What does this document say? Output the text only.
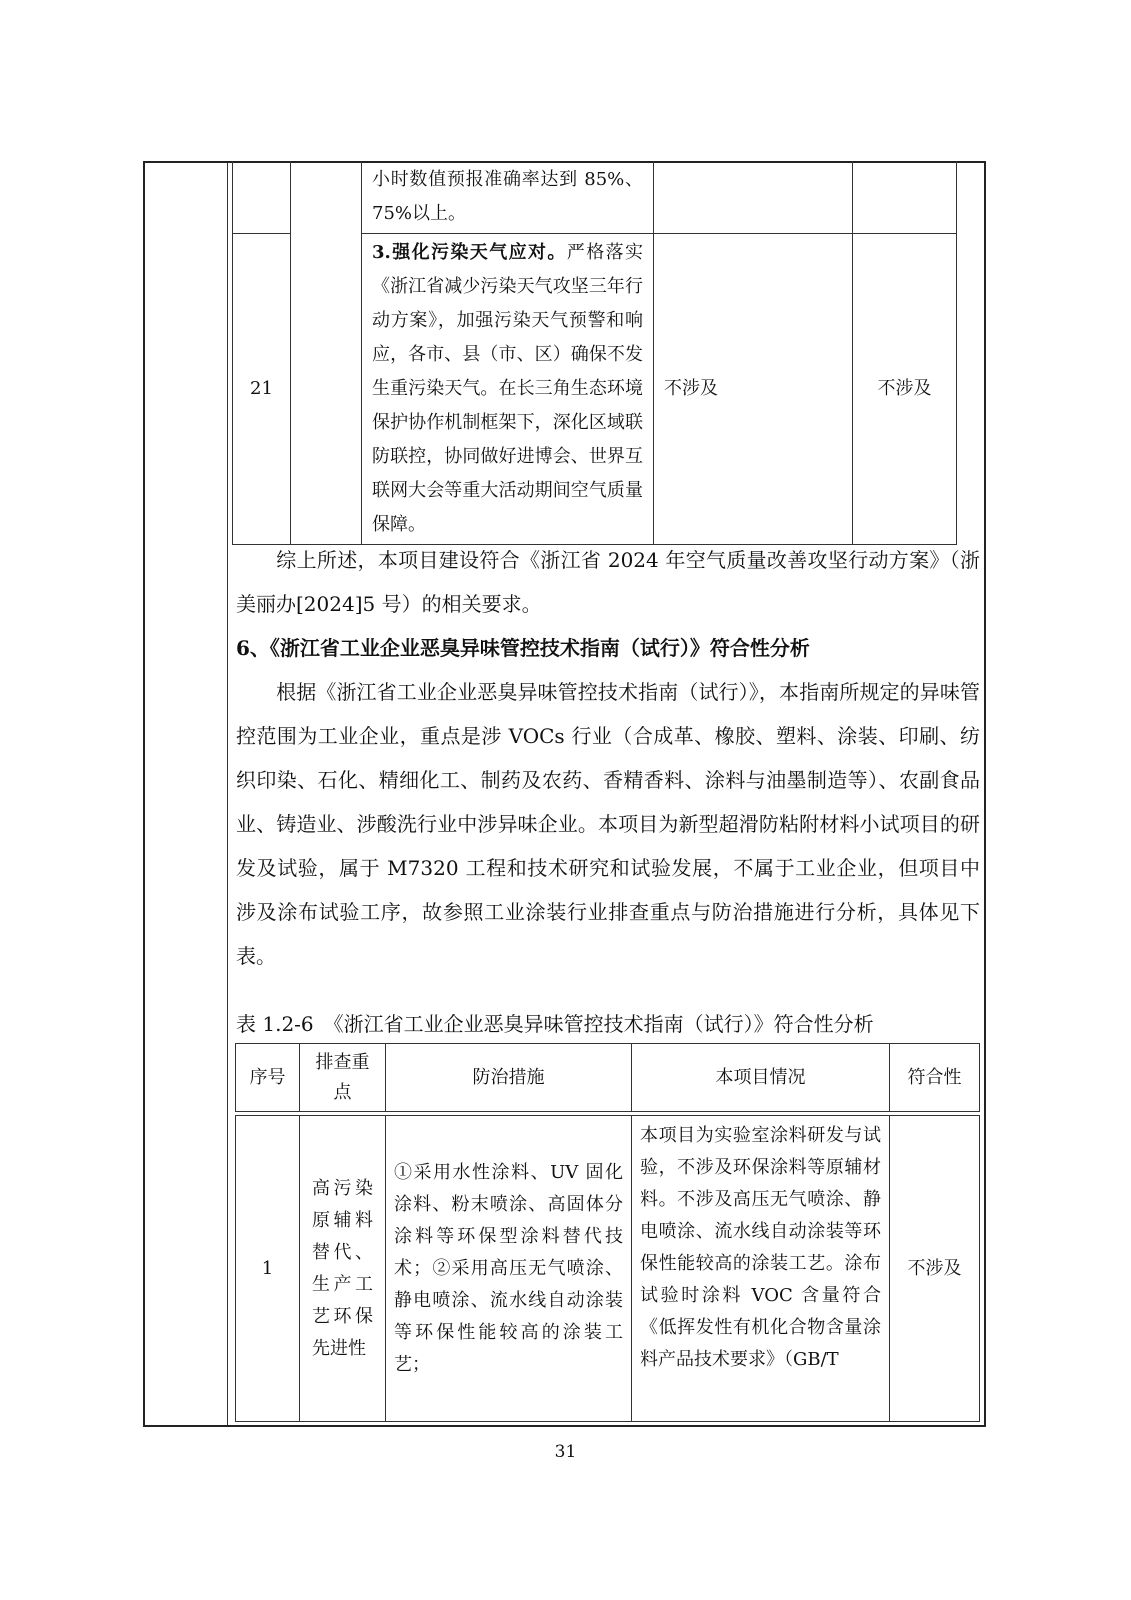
		小时数值预报准确率达到 85%、75%以上。		
21		3.强化污染天气应对。严格落实《浙江省减少污染天气攻坚三年行动方案》，加强污染天气预警和响应，各市、县（市、区）确保不发生重污染天气。在长三角生态环境保护协作机制框架下，深化区域联防联控，协同做好进博会、世界互联网大会等重大活动期间空气质量保障。	不涉及	不涉及
综上所述，本项目建设符合《浙江省 2024 年空气质量改善攻坚行动方案》（浙美丽办[2024]5 号）的相关要求。
6、《浙江省工业企业恶臭异味管控技术指南（试行）》符合性分析
根据《浙江省工业企业恶臭异味管控技术指南（试行）》，本指南所规定的异味管控范围为工业企业，重点是涉 VOCs 行业（合成革、橡胶、塑料、涂装、印刷、纺织印染、石化、精细化工、制药及农药、香精香料、涂料与油墨制造等）、农副食品业、铸造业、涉酸洗行业中涉异味企业。本项目为新型超滑防粘附材料小试项目的研发及试验，属于 M7320 工程和技术研究和试验发展，不属于工业企业，但项目中涉及涂布试验工序，故参照工业涂装行业排查重点与防治措施进行分析，具体见下表。
表 1.2-6　《浙江省工业企业恶臭异味管控技术指南（试行）》符合性分析
序号	排查重点	防治措施	本项目情况	符合性

1	高污染原辅料替代、生产工艺环保先进性	①采用水性涂料、UV 固化涂料、粉末喷涂、高固体分涂料等环保型涂料替代技术；②采用高压无气喷涂、静电喷涂、流水线自动涂装等环保性能较高的涂装工艺；	本项目为实验室涂料研发与试验，不涉及环保涂料等原辅材料。不涉及高压无气喷涂、静电喷涂、流水线自动涂装等环保性能较高的涂装工艺。涂布试验时涂料 VOC 含量符合《低挥发性有机化合物含量涂料产品技术要求》（GB/T	不涉及
31
